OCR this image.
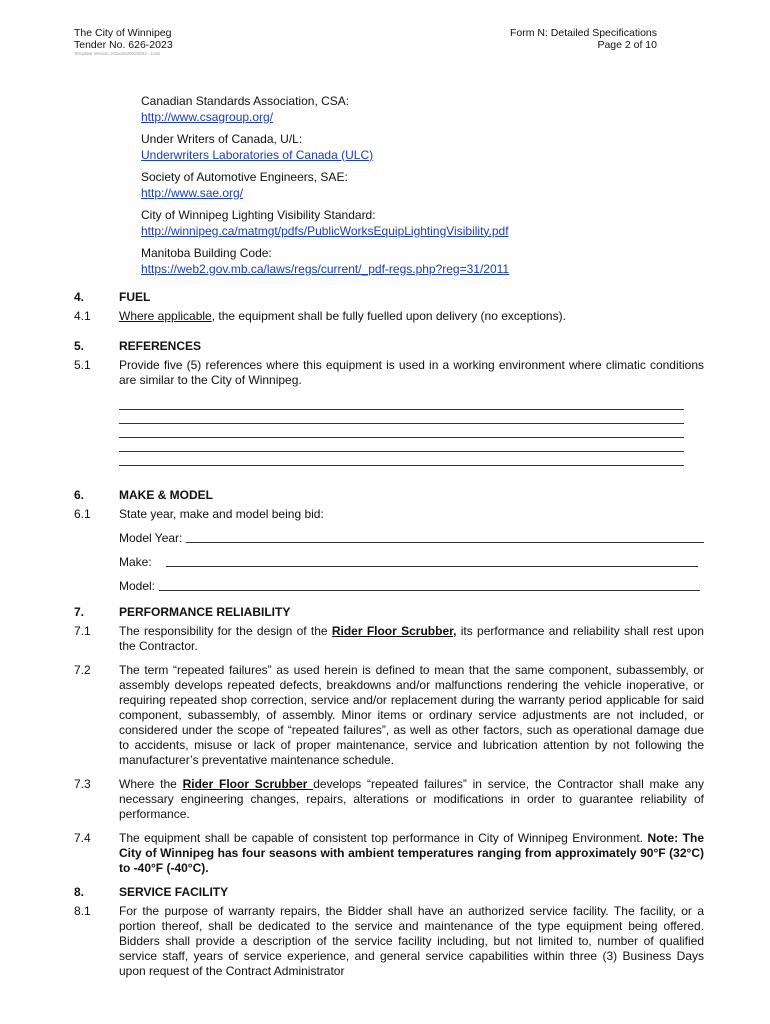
The City of Winnipeg
Tender No. 626-2023
Template Version: eGoods20220201 - Loss
Form N: Detailed Specifications
Page 2 of 10
Canadian Standards Association, CSA:
http://www.csagroup.org/
Under Writers of Canada, U/L:
Underwriters Laboratories of Canada (ULC)
Society of Automotive Engineers, SAE:
http://www.sae.org/
City of Winnipeg Lighting Visibility Standard:
http://winnipeg.ca/matmgt/pdfs/PublicWorksEquipLightingVisibility.pdf
Manitoba Building Code:
https://web2.gov.mb.ca/laws/regs/current/_pdf-regs.php?reg=31/2011
4.	FUEL
4.1	Where applicable, the equipment shall be fully fuelled upon delivery (no exceptions).
5.	REFERENCES
5.1	Provide five (5) references where this equipment is used in a working environment where climatic conditions are similar to the City of Winnipeg.
6.	MAKE & MODEL
6.1	State year, make and model being bid:
Model Year:
Make:
Model:
7.	PERFORMANCE RELIABILITY
7.1	The responsibility for the design of the Rider Floor Scrubber, its performance and reliability shall rest upon the Contractor.
7.2	The term “repeated failures” as used herein is defined to mean that the same component, subassembly, or assembly develops repeated defects, breakdowns and/or malfunctions rendering the vehicle inoperative, or requiring repeated shop correction, service and/or replacement during the warranty period applicable for said component, subassembly, of assembly. Minor items or ordinary service adjustments are not included, or considered under the scope of “repeated failures”, as well as other factors, such as operational damage due to accidents, misuse or lack of proper maintenance, service and lubrication attention by not following the manufacturer’s preventative maintenance schedule.
7.3	Where the Rider Floor Scrubber develops “repeated failures” in service, the Contractor shall make any necessary engineering changes, repairs, alterations or modifications in order to guarantee reliability of performance.
7.4	The equipment shall be capable of consistent top performance in City of Winnipeg Environment. Note: The City of Winnipeg has four seasons with ambient temperatures ranging from approximately 90°F (32°C) to -40°F (-40°C).
8.	SERVICE FACILITY
8.1	For the purpose of warranty repairs, the Bidder shall have an authorized service facility. The facility, or a portion thereof, shall be dedicated to the service and maintenance of the type equipment being offered. Bidders shall provide a description of the service facility including, but not limited to, number of qualified service staff, years of service experience, and general service capabilities within three (3) Business Days upon request of the Contract Administrator
